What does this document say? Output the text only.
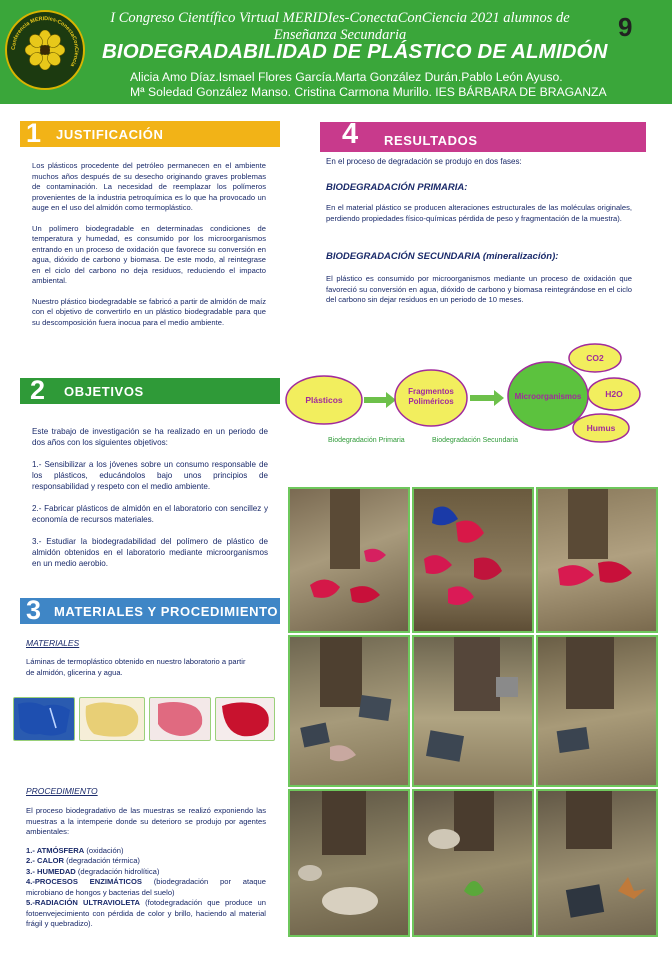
Conferencia MERIDIes-ConectaConCiencia
I Congreso Científico Virtual MERIDIes-ConectaConCiencia 2021 alumnos de Enseñanza Secundaria	9
BIODEGRADABILIDAD DE PLÁSTICO DE ALMIDÓN
Alicia Amo Díaz.Ismael Flores García.Marta González Durán.Pablo León Ayuso.
Mª Soledad González Manso. Cristina Carmona Murillo. IES BÁRBARA DE BRAGANZA
1 JUSTIFICACIÓN

Los plásticos procedente del petróleo permanecen en el ambiente muchos años después de su desecho originando graves problemas de contaminación. La necesidad de reemplazar los polímeros provenientes de la industria petroquímica es lo que ha provocado un auge en el uso del almidón como termoplástico.

Un polímero biodegradable en determinadas condiciones de temperatura y humedad, es consumido por los microorganismos entrando en un proceso de oxidación que favorece su conversión en agua, dióxido de carbono y biomasa. De este modo, al reintegrase en el ciclo del carbono no deja residuos, reduciendo el impacto ambiental.

Nuestro plástico biodegradable se fabricó a partir de almidón de maíz con el objetivo de convertirlo en un plástico biodegradable para que su descomposición fuera inocua para el medio ambiente.

2 OBJETIVOS

Este trabajo de investigación se ha realizado en un periodo de dos años con los siguientes objetivos:

1.- Sensibilizar a los jóvenes sobre un consumo responsable de los plásticos, educándolos bajo unos principios de responsabilidad y respeto con el medio ambiente.

2.- Fabricar plásticos de almidón en el laboratorio con sencillez y economía de recursos materiales.

3.- Estudiar la biodegradabilidad del polímero de plástico de almidón obtenidos en el laboratorio mediante microorganismos en un medio aerobio.

3 MATERIALES Y PROCEDIMIENTO
MATERIALES
Láminas de termoplástico obtenido en nuestro laboratorio a partir de almidón, glicerina y agua.
PROCEDIMIENTO

El proceso biodegradativo de las muestras se realizó exponiendo las muestras a la intemperie donde su deterioro se produjo por agentes ambientales:

1.- ATMÓSFERA (oxidación)

2.- CALOR (degradación térmica)

3.- HUMEDAD (degradación hidrolítica)

4.-PROCESOS ENZIMÁTICOS (biodegradación por ataque microbiano de hongos y bacterias del suelo)

5.-RADIACIÓN ULTRAVIOLETA (fotodegradación que produce un fotoenvejecimiento con pérdida de color y brillo, haciendo al material frágil y quebradizo).

4 RESULTADOS
En el proceso de degradación se produjo en dos fases:
BIODEGRADACIÓN PRIMARIA:
En el material plástico se producen alteraciones estructurales de las moléculas originales, perdiendo propiedades físico-químicas pérdida de peso y fragmentación de la muestra).
BIODEGRADACIÓN SECUNDARIA (mineralización):
El plástico es consumido por microorganismos mediante un proceso de oxidación que favoreció su conversión en agua, dióxido de carbono y biomasa reintegrándose en el ciclo del carbono sin dejar residuos en un periodo de 10 meses.
Plásticos
Fragmentos
Poliméricos
Microorganismos
CO2
H2O
Humus
Biodegradación Primaria	Biodegradación Secundaria
